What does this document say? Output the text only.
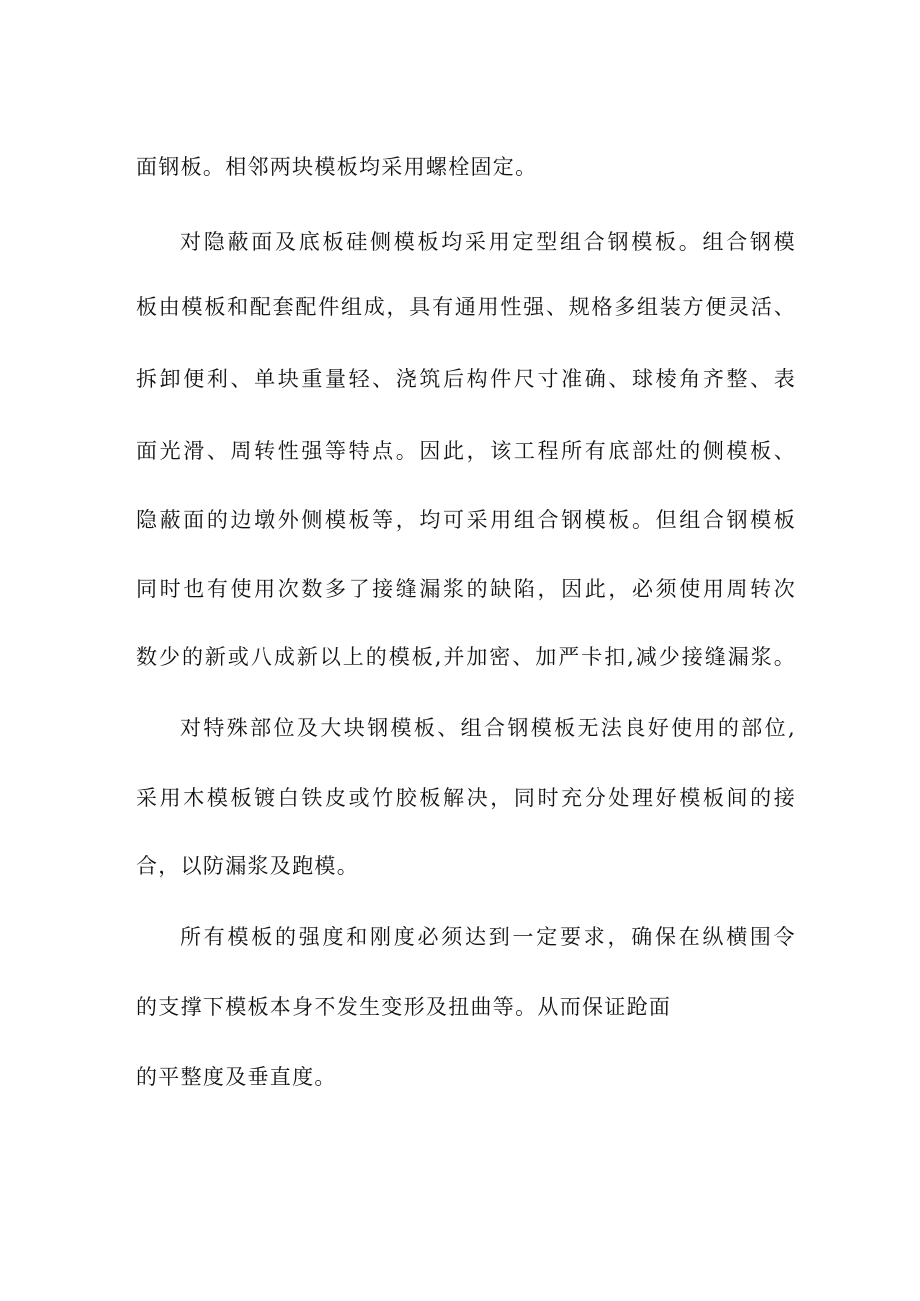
面钢板。相邻两块模板均采用螺栓固定。
对隐蔽面及底板硅侧模板均采用定型组合钢模板。组合钢模
板由模板和配套配件组成，具有通用性强、规格多组装方便灵活、
拆卸便利、单块重量轻、浇筑后构件尺寸准确、球棱角齐整、表
面光滑、周转性强等特点。因此，该工程所有底部灶的侧模板、
隐蔽面的边墩外侧模板等，均可采用组合钢模板。但组合钢模板
同时也有使用次数多了接缝漏浆的缺陷，因此，必须使用周转次
数少的新或八成新以上的模板,并加密、加严卡扣,减少接缝漏浆。
对特殊部位及大块钢模板、组合钢模板无法良好使用的部位,
采用木模板镀白铁皮或竹胶板解决，同时充分处理好模板间的接
合，以防漏浆及跑模。
所有模板的强度和刚度必须达到一定要求，确保在纵横围令
的支撑下模板本身不发生变形及扭曲等。从而保证跄面
的平整度及垂直度。
